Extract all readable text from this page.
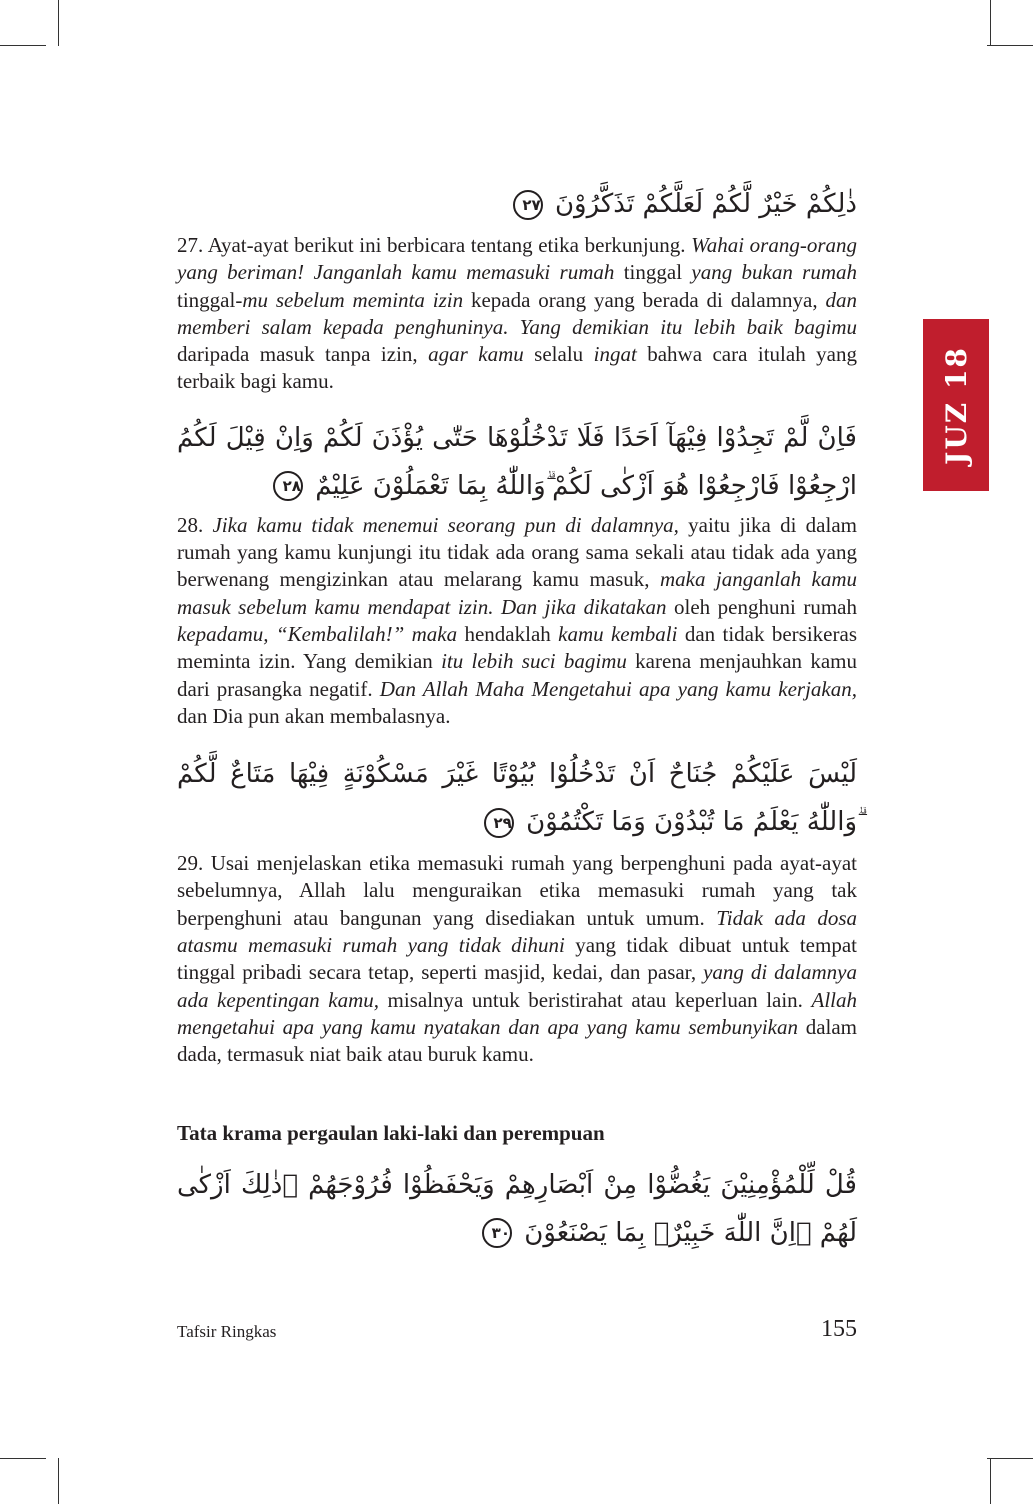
JUZ 18

ذٰلِكُمْ خَيْرٌ لَّكُمْ لَعَلَّكُمْ تَذَكَّرُوْنَ ٢٧

27. Ayat-ayat berikut ini berbicara tentang etika berkunjung. Wahai orang-orang yang beriman! Janganlah kamu memasuki rumah tinggal yang bukan rumah tinggal-mu sebelum meminta izin kepada orang yang berada di dalamnya, dan memberi salam kepada penghuninya. Yang demikian itu lebih baik bagimu daripada masuk tanpa izin, agar kamu selalu ingat bahwa cara itulah yang terbaik bagi kamu.

فَاِنْ لَّمْ تَجِدُوْا فِيْهَآ اَحَدًا فَلَا تَدْخُلُوْهَا حَتّٰى يُؤْذَنَ لَكُمْ وَاِنْ قِيْلَ لَكُمُ ارْجِعُوْا فَارْجِعُوْا هُوَ اَزْكٰى لَكُمْ ۗوَاللّٰهُ بِمَا تَعْمَلُوْنَ عَلِيْمٌ ٢٨

28. Jika kamu tidak menemui seorang pun di dalamnya, yaitu jika di dalam rumah yang kamu kunjungi itu tidak ada orang sama sekali atau tidak ada yang berwenang mengizinkan atau melarang kamu masuk, maka janganlah kamu masuk sebelum kamu mendapat izin. Dan jika dikatakan oleh penghuni rumah kepadamu, “Kembalilah!” maka hendaklah kamu kembali dan tidak bersikeras meminta izin. Yang demikian itu lebih suci bagimu karena menjauhkan kamu dari prasangka negatif. Dan Allah Maha Mengetahui apa yang kamu kerjakan, dan Dia pun akan membalasnya.

لَيْسَ عَلَيْكُمْ جُنَاحٌ اَنْ تَدْخُلُوْا بُيُوْتًا غَيْرَ مَسْكُوْنَةٍ فِيْهَا مَتَاعٌ لَّكُمْ ۗوَاللّٰهُ يَعْلَمُ مَا تُبْدُوْنَ وَمَا تَكْتُمُوْنَ ٢٩

29. Usai menjelaskan etika memasuki rumah yang berpenghuni pada ayat-ayat sebelumnya, Allah lalu menguraikan etika memasuki rumah yang tak berpenghuni atau bangunan yang disediakan untuk umum. Tidak ada dosa atasmu memasuki rumah yang tidak dihuni yang tidak dibuat untuk tempat tinggal pribadi secara tetap, seperti masjid, kedai, dan pasar, yang di dalamnya ada kepentingan kamu, misalnya untuk beristirahat atau keperluan lain. Allah mengetahui apa yang kamu nyatakan dan apa yang kamu sembunyikan dalam dada, termasuk niat baik atau buruk kamu.

Tata krama pergaulan laki-laki dan perempuan

قُلْ لِّلْمُؤْمِنِيْنَ يَغُضُّوْا مِنْ اَبْصَارِهِمْ وَيَحْفَظُوْا فُرُوْجَهُمْ ۗذٰلِكَ اَزْكٰى لَهُمْ ۗاِنَّ اللّٰهَ خَبِيْرٌۢ بِمَا يَصْنَعُوْنَ ٣٠

Tafsir Ringkas	155
